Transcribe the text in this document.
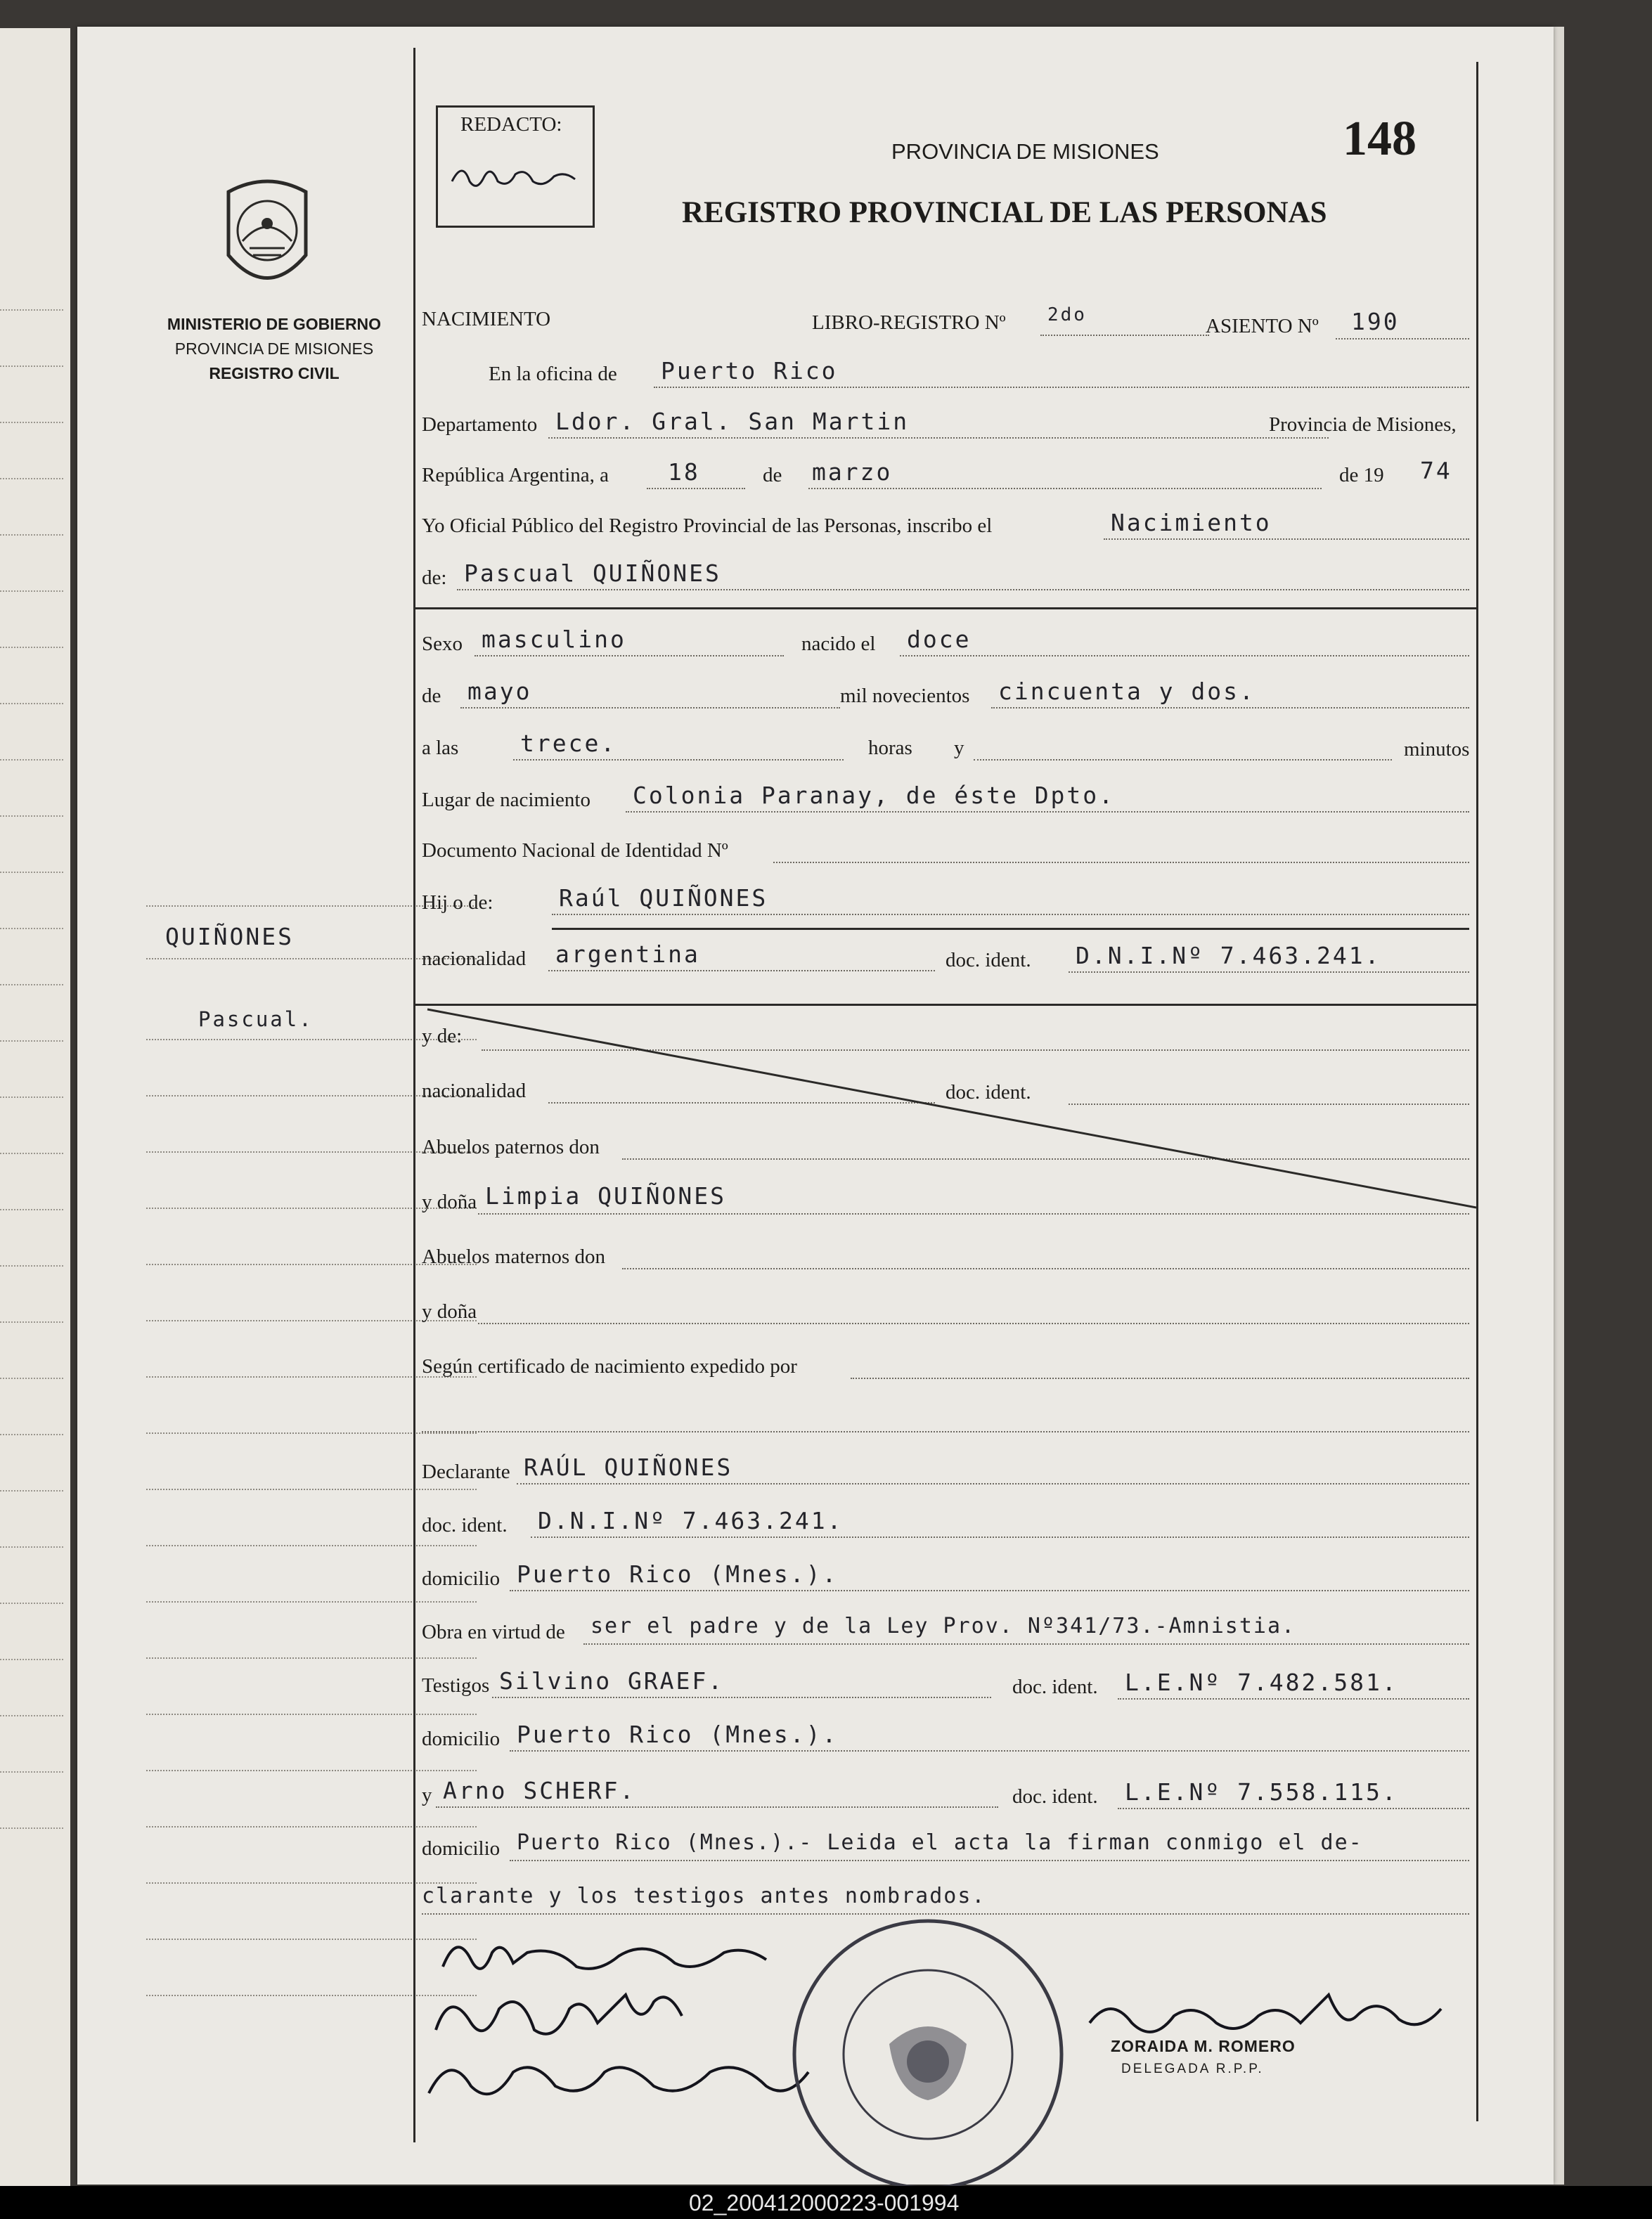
MINISTERIO DE GOBIERNO
PROVINCIA DE MISIONES
REGISTRO CIVIL
QUIÑONES
Pascual.
REDACTO:
PROVINCIA DE MISIONES
REGISTRO PROVINCIAL DE LAS PERSONAS
148
NACIMIENTO	LIBRO-REGISTRO Nº 2do	ASIENTO Nº 190
En la oficina de Puerto Rico
Departamento Ldor. Gral. San Martin	Provincia de Misiones,
República Argentina, a	18	de marzo	de 19 74
Yo Oficial Público del Registro Provincial de las Personas, inscribo el	Nacimiento
de: Pascual QUIÑONES
Sexo masculino	nacido el doce
de mayo	mil novecientos cincuenta y dos.
a las	trece.	horas y	minutos
Lugar de nacimiento Colonia Paranay, de éste Dpto.
Documento Nacional de Identidad Nº
Hij o de:	Raúl QUIÑONES
nacionalidad argentina	doc. ident. D.N.I.Nº 7.463.241.
y de:
nacionalidad	doc. ident.
Abuelos paternos don
y doña Limpia QUIÑONES
Abuelos maternos don
y doña
Según certificado de nacimiento expedido por
Declarante RAÚL QUIÑONES
doc. ident. D.N.I.Nº 7.463.241.
domicilio Puerto Rico (Mnes.).
Obra en virtud de ser el padre y de la Ley Prov. Nº341/73.-Amnistia.
Testigos Silvino GRAEF.	doc. ident. L.E.Nº 7.482.581.
domicilio Puerto Rico (Mnes.).
y Arno SCHERF.	doc. ident. L.E.Nº 7.558.115.
domicilio Puerto Rico (Mnes.).- Leida el acta la firman conmigo el de-
clarante y los testigos antes nombrados.
ZORAIDA M. ROMERO
DELEGADA R.P.P.
02_200412000223-001994
